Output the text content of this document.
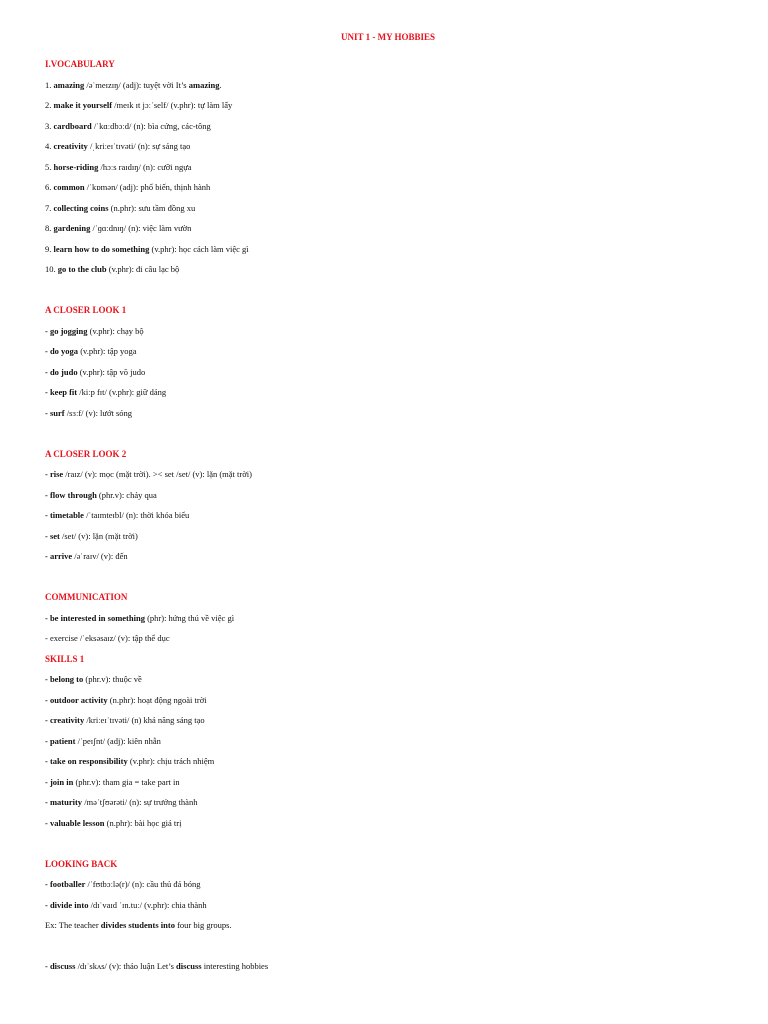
UNIT 1 - MY HOBBIES
I.VOCABULARY
1. amazing /əˈmeɪzɪŋ/ (adj): tuyệt vời It’s amazing.
2. make it yourself /meɪk ɪt jɔːˈself/ (v.phr): tự làm lấy
3. cardboard /ˈkɑːdbɔːd/ (n): bìa cứng, các-tông
4. creativity /ˌkriːeɪˈtɪvəti/ (n): sự sáng tạo
5. horse-riding /hɔːs raɪdɪŋ/ (n): cưỡi ngựa
6. common /ˈkɒmən/ (adj): phổ biến, thịnh hành
7. collecting coins (n.phr): sưu tầm đồng xu
8. gardening /ˈɡɑːdnɪŋ/ (n): việc làm vườn
9. learn how to do something (v.phr): học cách làm việc gì
10. go to the club (v.phr): đi câu lạc bộ
A CLOSER LOOK 1
- go jogging (v.phr): chạy bộ
- do yoga (v.phr): tập yoga
- do judo (v.phr): tập võ judo
- keep fit /kiːp fɪt/ (v.phr): giữ dáng
- surf /sɜːf/ (v): lướt sóng
A CLOSER LOOK 2
- rise /raɪz/ (v): mọc (mặt trời). >< set /set/ (v): lặn (mặt trời)
- flow through (phr.v): chảy qua
- timetable /ˈtaɪmteɪbl/ (n): thời khóa biểu
- set /set/ (v): lặn (mặt trời)
- arrive /əˈraɪv/ (v): đến
COMMUNICATION
- be interested in something (phr): hứng thú về việc gì
- exercise /ˈeksəsaɪz/ (v): tập thể dục
SKILLS 1
- belong to (phr.v): thuộc về
- outdoor activity (n.phr): hoạt động ngoài trời
- creativity /kriːeɪˈtɪvəti/ (n) khả năng sáng tạo
- patient /ˈpeɪʃnt/ (adj): kiên nhẫn
- take on responsibility (v.phr): chịu trách nhiệm
- join in (phr.v): tham gia = take part in
- maturity /məˈtʃʊərəti/ (n): sự trưởng thành
- valuable lesson (n.phr): bài học giá trị
LOOKING BACK
- footballer /ˈfʊtbɔːlə(r)/ (n): cầu thủ đá bóng
- divide into /dɪˈvaɪd ˈɪn.tuː/ (v.phr): chia thành
Ex: The teacher divides students into four big groups.
- discuss /dɪˈskʌs/ (v): thảo luận Let’s discuss interesting hobbies
